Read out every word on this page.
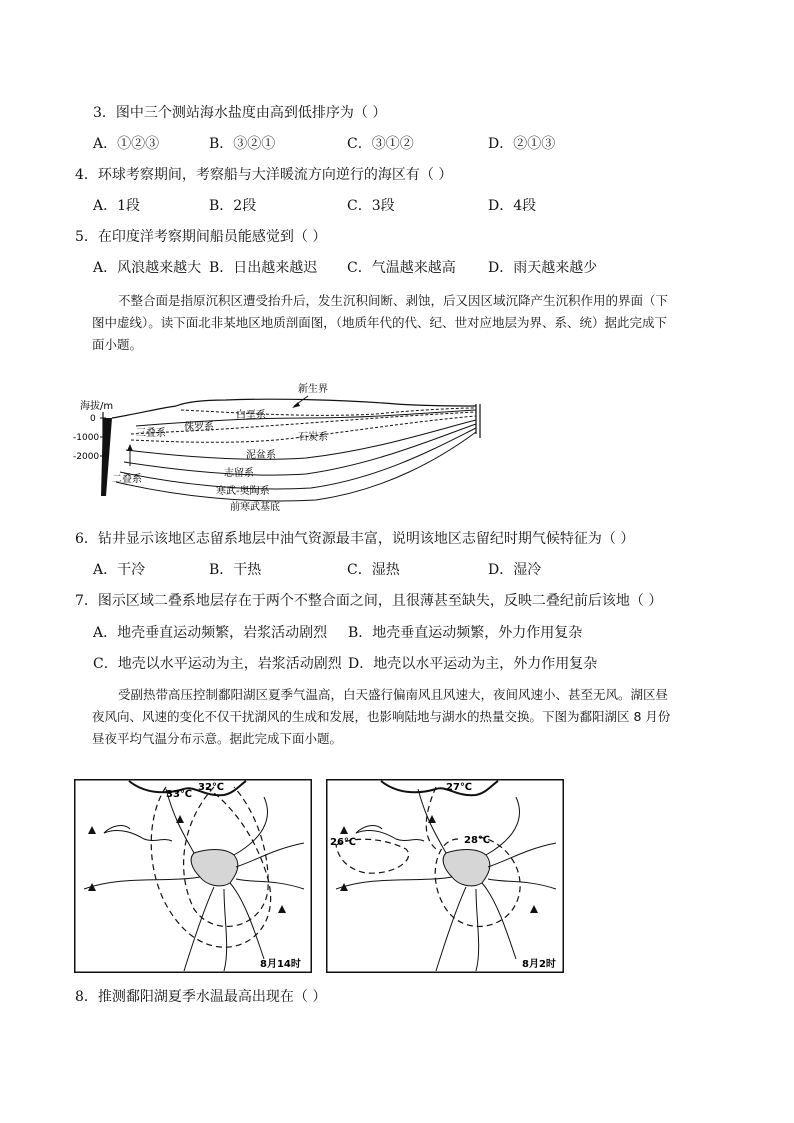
3．图中三个测站海水盐度由高到低排序为（ ）
A．①②③	B．③②①	C．③①②	D．②①③
4．环球考察期间，考察船与大洋暖流方向逆行的海区有（ ）
A．1段	B．2段	C．3段	D．4段
5．在印度洋考察期间船员能感觉到（ ）
A．风浪越来越大 B．日出越来越迟 C．气温越来越高 D．雨天越来越少
不整合面是指原沉积区遭受抬升后，发生沉积间断、剥蚀，后又因区域沉降产生沉积作用的界面（下
图中虚线）。读下面北非某地区地质剖面图，（地质年代的代、纪、世对应地层为界、系、统）据此完成下
面小题。
海拔/m
0
-1000
-2000
新生界
白垩系
侏罗系
三叠系	石炭系
泥盆系
志留系
寒武-奥陶系
前寒武基底
二叠系
6．钻井显示该地区志留系地层中油气资源最丰富，说明该地区志留纪时期气候特征为（ ）
A．干冷	B．干热	C．湿热	D．湿冷
7．图示区域二叠系地层存在于两个不整合面之间，且很薄甚至缺失，反映二叠纪前后该地（ ）
A．地壳垂直运动频繁，岩浆活动剧烈 B．地壳垂直运动频繁，外力作用复杂
C．地壳以水平运动为主，岩浆活动剧烈 D．地壳以水平运动为主，外力作用复杂
受副热带高压控制鄱阳湖区夏季气温高，白天盛行偏南风且风速大，夜间风速小、甚至无风。湖区昼
夜风向、风速的变化不仅干扰湖风的生成和发展，也影响陆地与湖水的热量交换。下图为鄱阳湖区 8 月份
昼夜平均气温分布示意。据此完成下面小题。
33℃
32℃
8月14时
27℃
26℃	28℃
8月2时
8．推测鄱阳湖夏季水温最高出现在（ ）
